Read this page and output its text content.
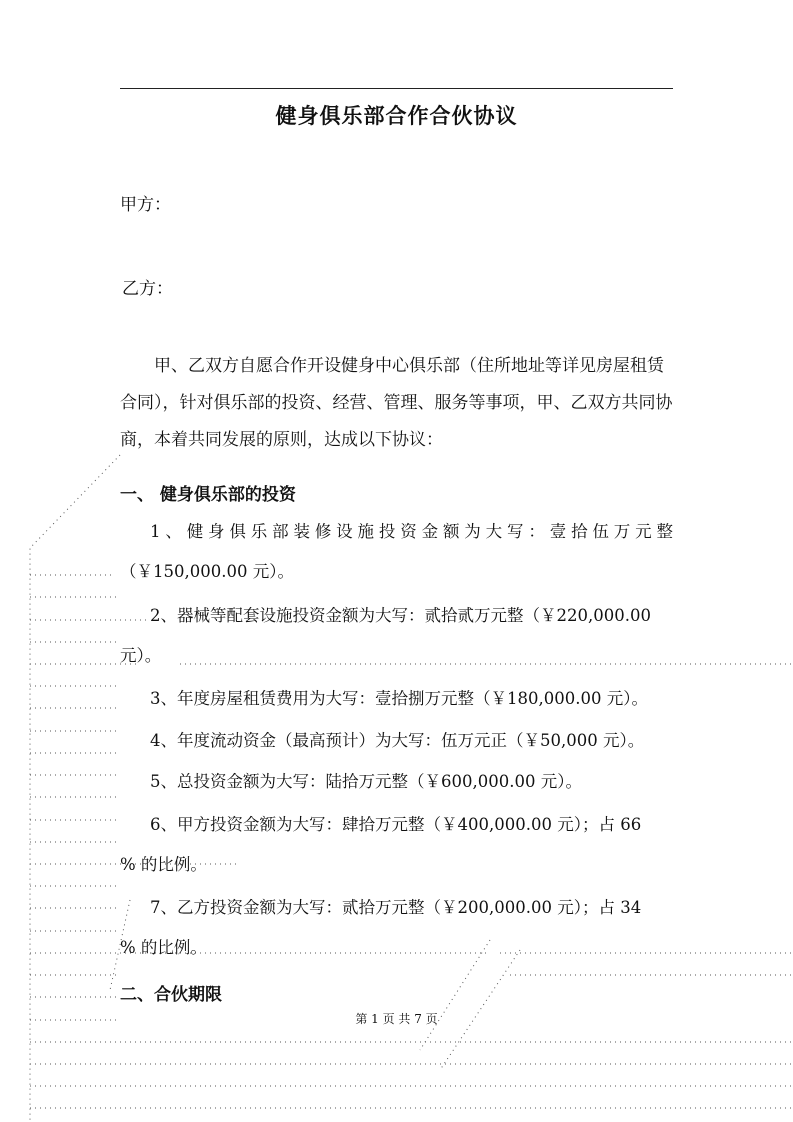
健身俱乐部合作合伙协议
甲方：
乙方：
甲、乙双方自愿合作开设健身中心俱乐部（住所地址等详见房屋租赁合同），针对俱乐部的投资、经营、管理、服务等事项，甲、乙双方共同协商，本着共同发展的原则，达成以下协议：
一、 健身俱乐部的投资
1、健身俱乐部装修设施投资金额为大写：壹拾伍万元整
（￥150,000.00 元）。
2、器械等配套设施投资金额为大写：贰拾贰万元整（￥220,000.00
元）。
3、年度房屋租赁费用为大写：壹拾捌万元整（￥180,000.00 元）。
4、年度流动资金（最高预计）为大写：伍万元正（￥50,000 元）。
5、总投资金额为大写：陆拾万元整（￥600,000.00 元）。
6、甲方投资金额为大写：肆拾万元整（￥400,000.00 元）；占 66
% 的比例。
7、乙方投资金额为大写：贰拾万元整（￥200,000.00 元）；占 34
% 的比例。
二、合伙期限
第 1 页 共 7 页
